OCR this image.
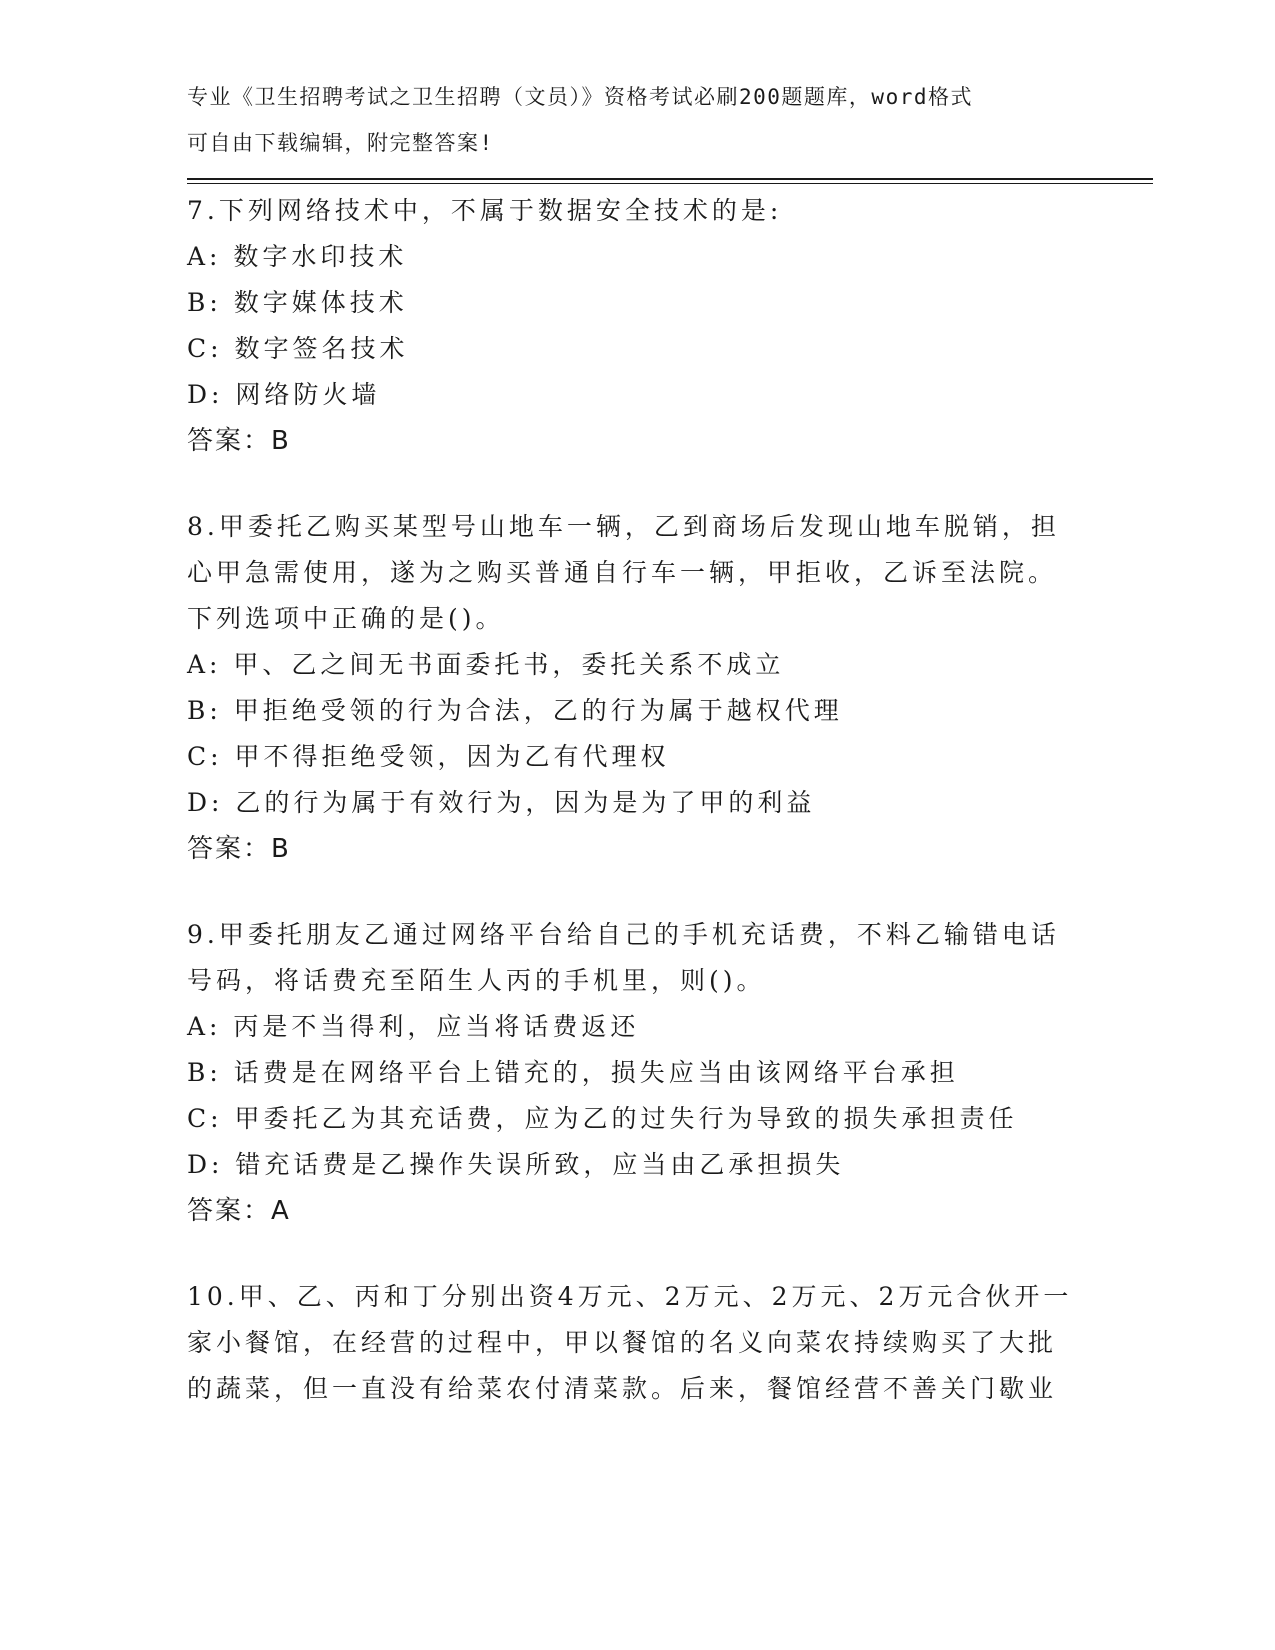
专业《卫生招聘考试之卫生招聘（文员）》资格考试必刷200题题库，word格式
可自由下载编辑，附完整答案!
7.下列网络技术中，不属于数据安全技术的是:
A: 数字水印技术
B: 数字媒体技术
C: 数字签名技术
D: 网络防火墙
答案：B
8.甲委托乙购买某型号山地车一辆，乙到商场后发现山地车脱销，担
心甲急需使用，遂为之购买普通自行车一辆，甲拒收，乙诉至法院。
下列选项中正确的是()。
A: 甲、乙之间无书面委托书，委托关系不成立
B: 甲拒绝受领的行为合法，乙的行为属于越权代理
C: 甲不得拒绝受领，因为乙有代理权
D: 乙的行为属于有效行为，因为是为了甲的利益
答案：B
9.甲委托朋友乙通过网络平台给自己的手机充话费，不料乙输错电话
号码，将话费充至陌生人丙的手机里，则()。
A: 丙是不当得利，应当将话费返还
B: 话费是在网络平台上错充的，损失应当由该网络平台承担
C: 甲委托乙为其充话费，应为乙的过失行为导致的损失承担责任
D: 错充话费是乙操作失误所致，应当由乙承担损失
答案：A
10.甲、乙、丙和丁分别出资4万元、2万元、2万元、2万元合伙开一
家小餐馆，在经营的过程中，甲以餐馆的名义向菜农持续购买了大批
的蔬菜，但一直没有给菜农付清菜款。后来，餐馆经营不善关门歇业
